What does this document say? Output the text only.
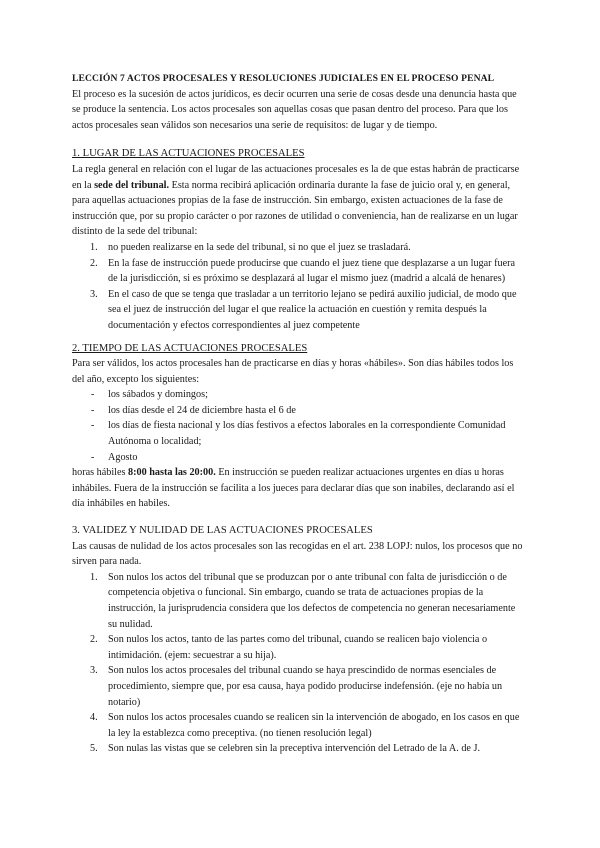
LECCIÓN 7 ACTOS PROCESALES Y RESOLUCIONES JUDICIALES EN EL PROCESO PENAL

El proceso es la sucesión de actos jurídicos, es decir ocurren una serie de cosas desde una denuncia hasta que se produce la sentencia. Los actos procesales son aquellas cosas que pasan dentro del proceso. Para que los actos procesales sean válidos son necesarios una serie de requisitos: de lugar y de tiempo.

1. LUGAR DE LAS ACTUACIONES PROCESALES

La regla general en relación con el lugar de las actuaciones procesales es la de que estas habrán de practicarse en la sede del tribunal. Esta norma recibirá aplicación ordinaria durante la fase de juicio oral y, en general, para aquellas actuaciones propias de la fase de instrucción. Sin embargo, existen actuaciones de la fase de instrucción que, por su propio carácter o por razones de utilidad o conveniencia, han de realizarse en un lugar distinto de la sede del tribunal:

1. no pueden realizarse en la sede del tribunal, si no que el juez se trasladará.
2. En la fase de instrucción puede producirse que cuando el juez tiene que desplazarse a un lugar fuera de la jurisdicción, si es próximo se desplazará al lugar el mismo juez (madrid a alcalá de henares)
3. En el caso de que se tenga que trasladar a un territorio lejano se pedirá auxilio judicial, de modo que sea el juez de instrucción del lugar el que realice la actuación en cuestión y remita después la documentación y efectos correspondientes al juez competente
2. TIEMPO DE LAS ACTUACIONES PROCESALES

Para ser válidos, los actos procesales han de practicarse en días y horas «hábiles». Son días hábiles todos los del año, excepto los siguientes:

- los sábados y domingos;
- los días desde el 24 de diciembre hasta el 6 de
- los días de fiesta nacional y los días festivos a efectos laborales en la correspondiente Comunidad Autónoma o localidad;
- Agosto

horas hábiles 8:00 hasta las 20:00. En instrucción se pueden realizar actuaciones urgentes en días u horas inhábiles. Fuera de la instrucción se facilita a los jueces para declarar días que son inabiles, declarando así el día inhábiles en habiles.

3. VALIDEZ Y NULIDAD DE LAS ACTUACIONES PROCESALES

Las causas de nulidad de los actos procesales son las recogidas en el art. 238 LOPJ: nulos, los procesos que no sirven para nada.

1. Son nulos los actos del tribunal que se produzcan por o ante tribunal con falta de jurisdicción o de competencia objetiva o funcional. Sin embargo, cuando se trata de actuaciones propias de la instrucción, la jurisprudencia considera que los defectos de competencia no generan necesariamente su nulidad.
2. Son nulos los actos, tanto de las partes como del tribunal, cuando se realicen bajo violencia o intimidación. (ejem: secuestrar a su hija).
3. Son nulos los actos procesales del tribunal cuando se haya prescindido de normas esenciales de procedimiento, siempre que, por esa causa, haya podido producirse indefensión. (eje no había un notario)
4. Son nulos los actos procesales cuando se realicen sin la intervención de abogado, en los casos en que la ley la establezca como preceptiva. (no tienen resolución legal)
5. Son nulas las vistas que se celebren sin la preceptiva intervención del Letrado de la A. de J.
